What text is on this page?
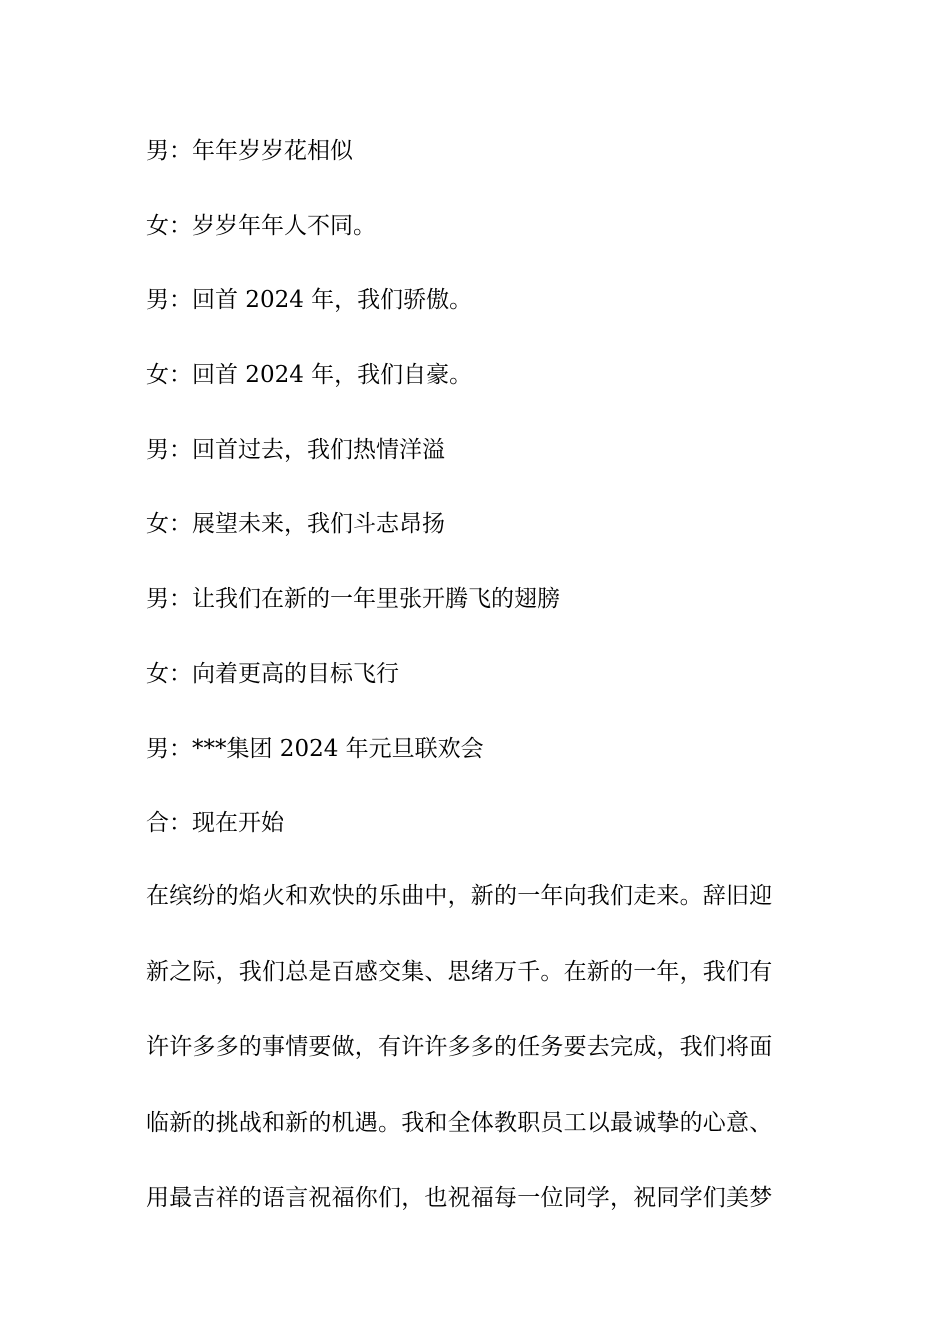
男：年年岁岁花相似
女：岁岁年年人不同。
男：回首 2024 年，我们骄傲。
女：回首 2024 年，我们自豪。
男：回首过去，我们热情洋溢
女：展望未来，我们斗志昂扬
男：让我们在新的一年里张开腾飞的翅膀
女：向着更高的目标飞行
男：***集团 2024 年元旦联欢会
合：现在开始
在缤纷的焰火和欢快的乐曲中，新的一年向我们走来。辞旧迎
新之际，我们总是百感交集、思绪万千。在新的一年，我们有
许许多多的事情要做，有许许多多的任务要去完成，我们将面
临新的挑战和新的机遇。我和全体教职员工以最诚挚的心意、
用最吉祥的语言祝福你们，也祝福每一位同学，祝同学们美梦
